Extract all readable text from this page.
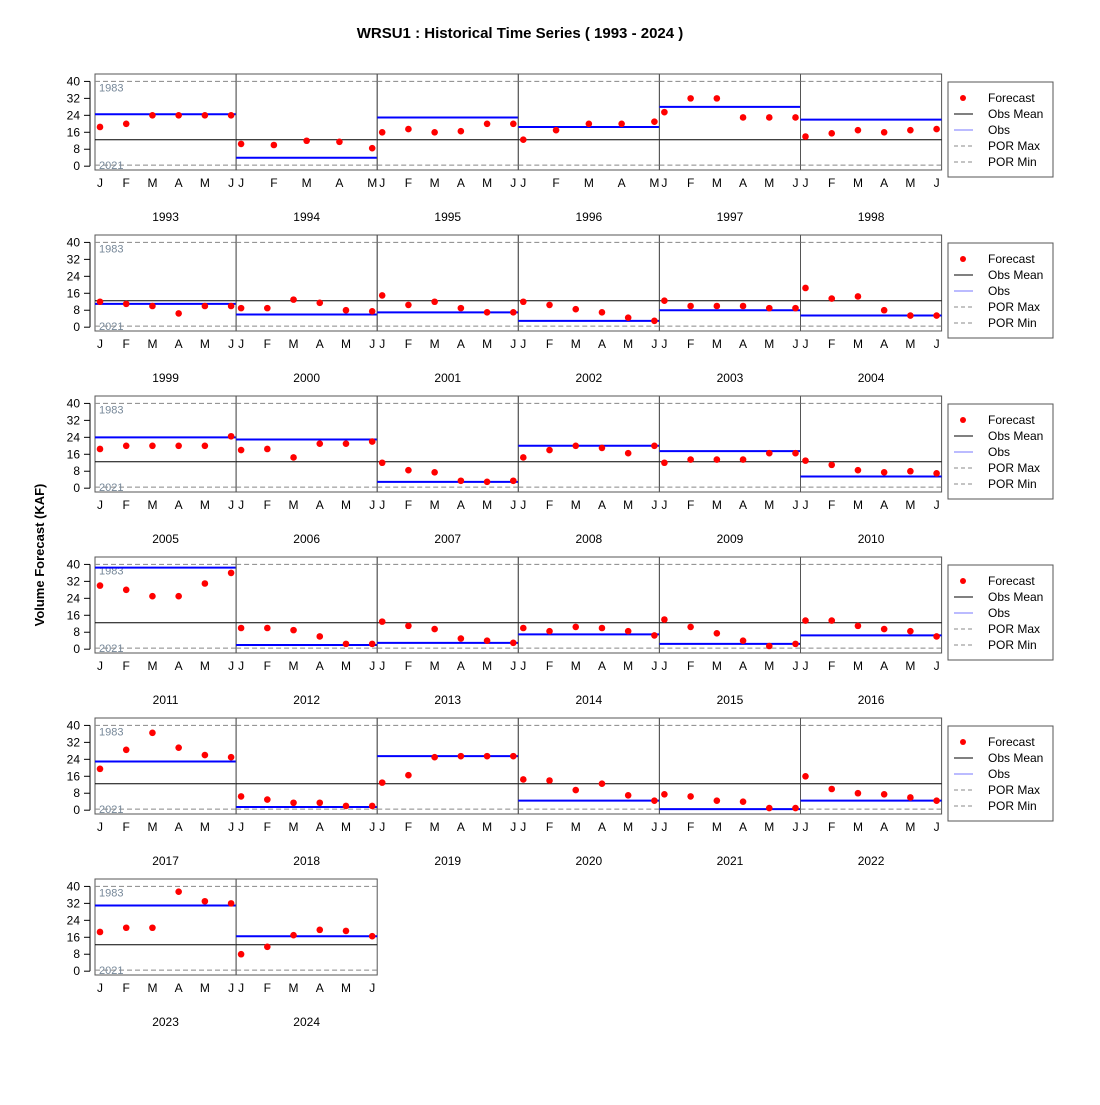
WRSU1 : Historical Time Series ( 1993 - 2024 )
Volume Forecast (KAF)
0
8
16
24
32
40
0
8
16
24
32
40
0
8
16
24
32
40
0
8
16
24
32
40
0
8
16
24
32
40
0
8
16
24
32
40
1983
2021
J F M A M J
1993
J F M A M
1994
J F M A M J
1995
J F M A M
1996
J F M A M J
1997
J F M A M J
1998
1983
2021
J F M A M J
1999
J F M A M J
2000
J F M A M J
2001
J F M A M J
2002
J F M A M J
2003
J F M A M J
2004
1983
2021
J F M A M J
2005
J F M A M J
2006
J F M A M J
2007
J F M A M J
2008
J F M A M J
2009
J F M A M J
2010
1983
2021
J F M A M J
2011
J F M A M J
2012
J F M A M J
2013
J F M A M J
2014
J F M A M J
2015
J F M A M J
2016
1983
2021
J F M A M J
2017
J F M A M J
2018
J F M A M J
2019
J F M A M J
2020
J F M A M J
2021
J F M A M J
2022
1983
2021
J F M A M J
2023
J F M A M J
2024
Forecast
Obs Mean
Obs
POR Max
POR Min
Forecast
Obs Mean
Obs
POR Max
POR Min
Forecast
Obs Mean
Obs
POR Max
POR Min
Forecast
Obs Mean
Obs
POR Max
POR Min
Forecast
Obs Mean
Obs
POR Max
POR Min
